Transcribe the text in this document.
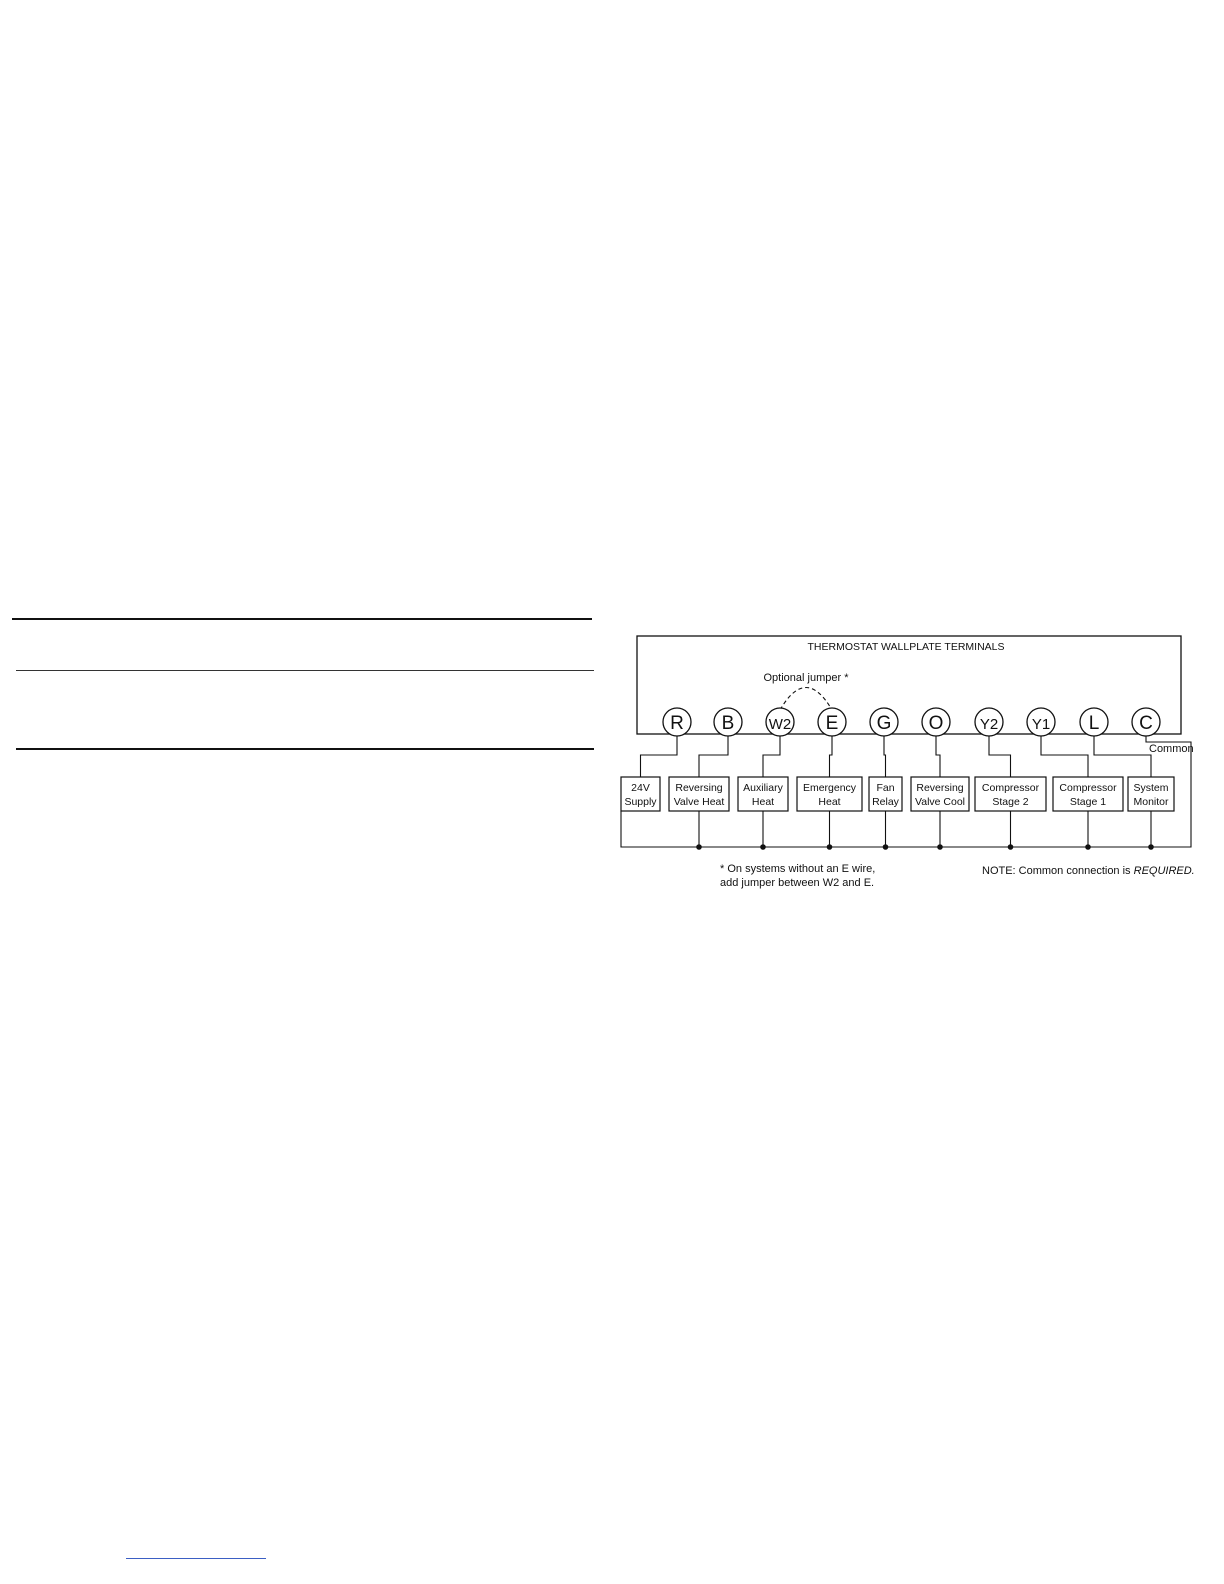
THERMOSTAT WALLPLATE TERMINALS
Optional jumper *
R B W2 E G O Y2 Y1 L C
24V
Supply
Reversing
Valve Heat
Auxiliary
Heat
Emergency
Heat
Fan
Relay
Reversing
Valve Cool
Compressor
Stage 2
Compressor
Stage 1
System
Monitor
Common
* On systems without an E wire,
add jumper between W2 and E.
NOTE: Common connection is REQUIRED.
